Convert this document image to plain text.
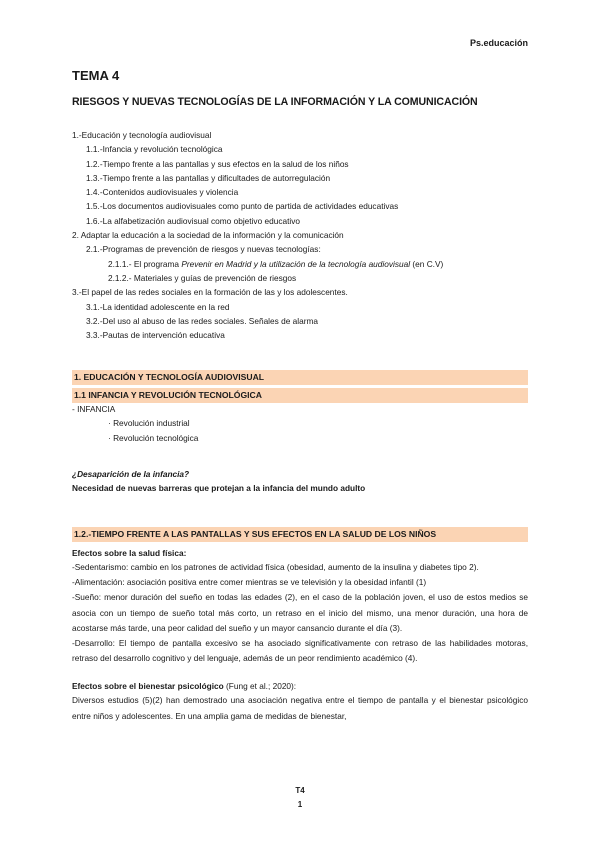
Ps.educación
TEMA 4
RIESGOS Y NUEVAS TECNOLOGÍAS DE LA INFORMACIÓN Y LA COMUNICACIÓN
1.-Educación y tecnología audiovisual
1.1.-Infancia y revolución tecnológica
1.2.-Tiempo frente a las pantallas y sus efectos en la salud de los niños
1.3.-Tiempo frente a las pantallas y dificultades de autorregulación
1.4.-Contenidos audiovisuales y violencia
1.5.-Los documentos audiovisuales como punto de partida de actividades educativas
1.6.-La alfabetización audiovisual como objetivo educativo
2. Adaptar la educación a la sociedad de la información y la comunicación
2.1.-Programas de prevención de riesgos y nuevas tecnologías:
2.1.1.- El programa Prevenir en Madrid y la utilización de la tecnología audiovisual (en C.V)
2.1.2.- Materiales y guías de prevención de riesgos
3.-El papel de las redes sociales en la formación de las y los adolescentes.
3.1.-La identidad adolescente en la red
3.2.-Del uso al abuso de las redes sociales. Señales de alarma
3.3.-Pautas de intervención educativa
1. EDUCACIÓN Y TECNOLOGÍA AUDIOVISUAL
1.1 INFANCIA Y REVOLUCIÓN TECNOLÓGICA
- INFANCIA
· Revolución industrial
· Revolución tecnológica
¿Desaparición de la infancia?
Necesidad de nuevas barreras que protejan a la infancia del mundo adulto
1.2.-TIEMPO FRENTE A LAS PANTALLAS Y SUS EFECTOS EN LA SALUD DE LOS NIÑOS
Efectos sobre la salud física:

-Sedentarismo: cambio en los patrones de actividad física (obesidad, aumento de la insulina y diabetes tipo 2).

-Alimentación: asociación positiva entre comer mientras se ve televisión y la obesidad infantil (1)

-Sueño: menor duración del sueño en todas las edades (2), en el caso de la población joven, el uso de estos medios se asocia con un tiempo de sueño total más corto, un retraso en el inicio del mismo, una menor duración, una hora de acostarse más tarde, una peor calidad del sueño y un mayor cansancio durante el día (3).

-Desarrollo: El tiempo de pantalla excesivo se ha asociado significativamente con retraso de las habilidades motoras, retraso del desarrollo cognitivo y del lenguaje, además de un peor rendimiento académico (4).

Efectos sobre el bienestar psicológico (Fung et al.; 2020):

Diversos estudios (5)(2) han demostrado una asociación negativa entre el tiempo de pantalla y el bienestar psicológico entre niños y adolescentes. En una amplia gama de medidas de bienestar,

T4
1
